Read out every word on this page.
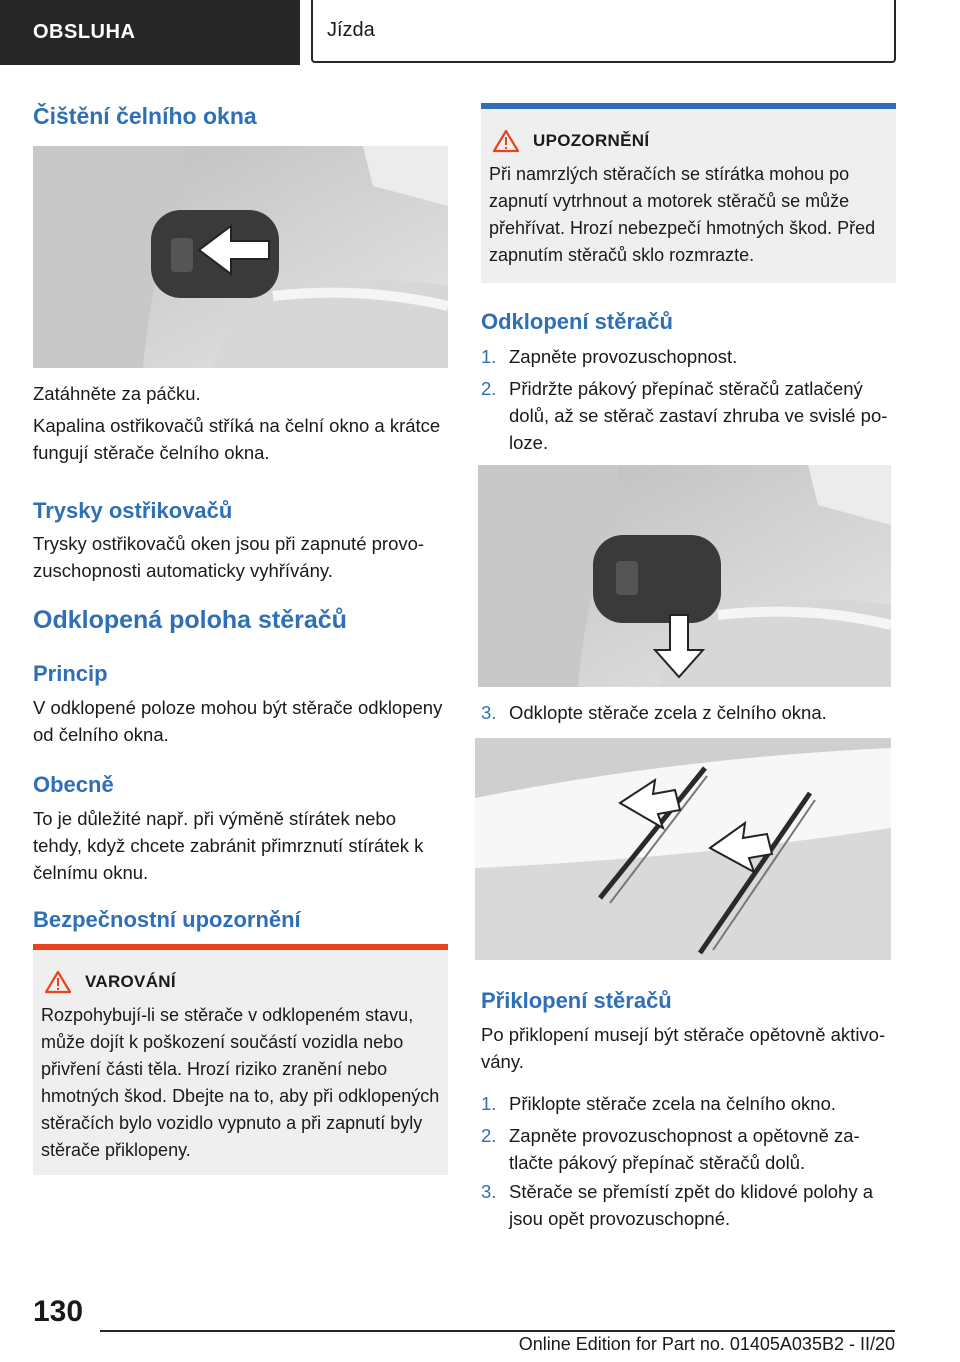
OBSLUHA	Jízda
Čištění čelního okna

Zatáhněte za páčku.

Kapalina ostřikovačů stříká na čelní okno a krátce fungují stěrače čelního okna.

Trysky ostřikovačů

Trysky ostřikovačů oken jsou při zapnuté provozuschopnosti automaticky vyhřívány.

Odklopená poloha stěračů
Princip

V odklopené poloze mohou být stěrače odklopeny od čelního okna.

Obecně

To je důležité např. při výměně stírátek nebo tehdy, když chcete zabránit přimrznutí stírátek k čelnímu oknu.

Bezpečnostní upozornění
VAROVÁNÍ
Rozpohybují-li se stěrače v odklopeném stavu, může dojít k poškození součástí vozidla nebo přivření části těla. Hrozí riziko zranění nebo hmotných škod. Dbejte na to, aby při odklopených stěračích bylo vozidlo vypnuto a při zapnutí byly stěrače přiklopeny.
UPOZORNĚNÍ
Při namrzlých stěračích se stírátka mohou po zapnutí vytrhnout a motorek stěračů se může přehřívat. Hrozí nebezpečí hmotných škod. Před zapnutím stěračů sklo rozmrazte.
Odklopení stěračů
1. Zapněte provozuschopnost.
2. Přidržte pákový přepínač stěračů zatlačený dolů, až se stěrač zastaví zhruba ve svislé poloze.
3. Odklopte stěrače zcela z čelního okna.
Přiklopení stěračů

Po přiklopení musejí být stěrače opětovně aktivovány.

1. Přiklopte stěrače zcela na čelního okno.
2. Zapněte provozuschopnost a opětovně zatlačte pákový přepínač stěračů dolů.
3. Stěrače se přemístí zpět do klidové polohy a jsou opět provozuschopné.
130
Online Edition for Part no. 01405A035B2 - II/20
